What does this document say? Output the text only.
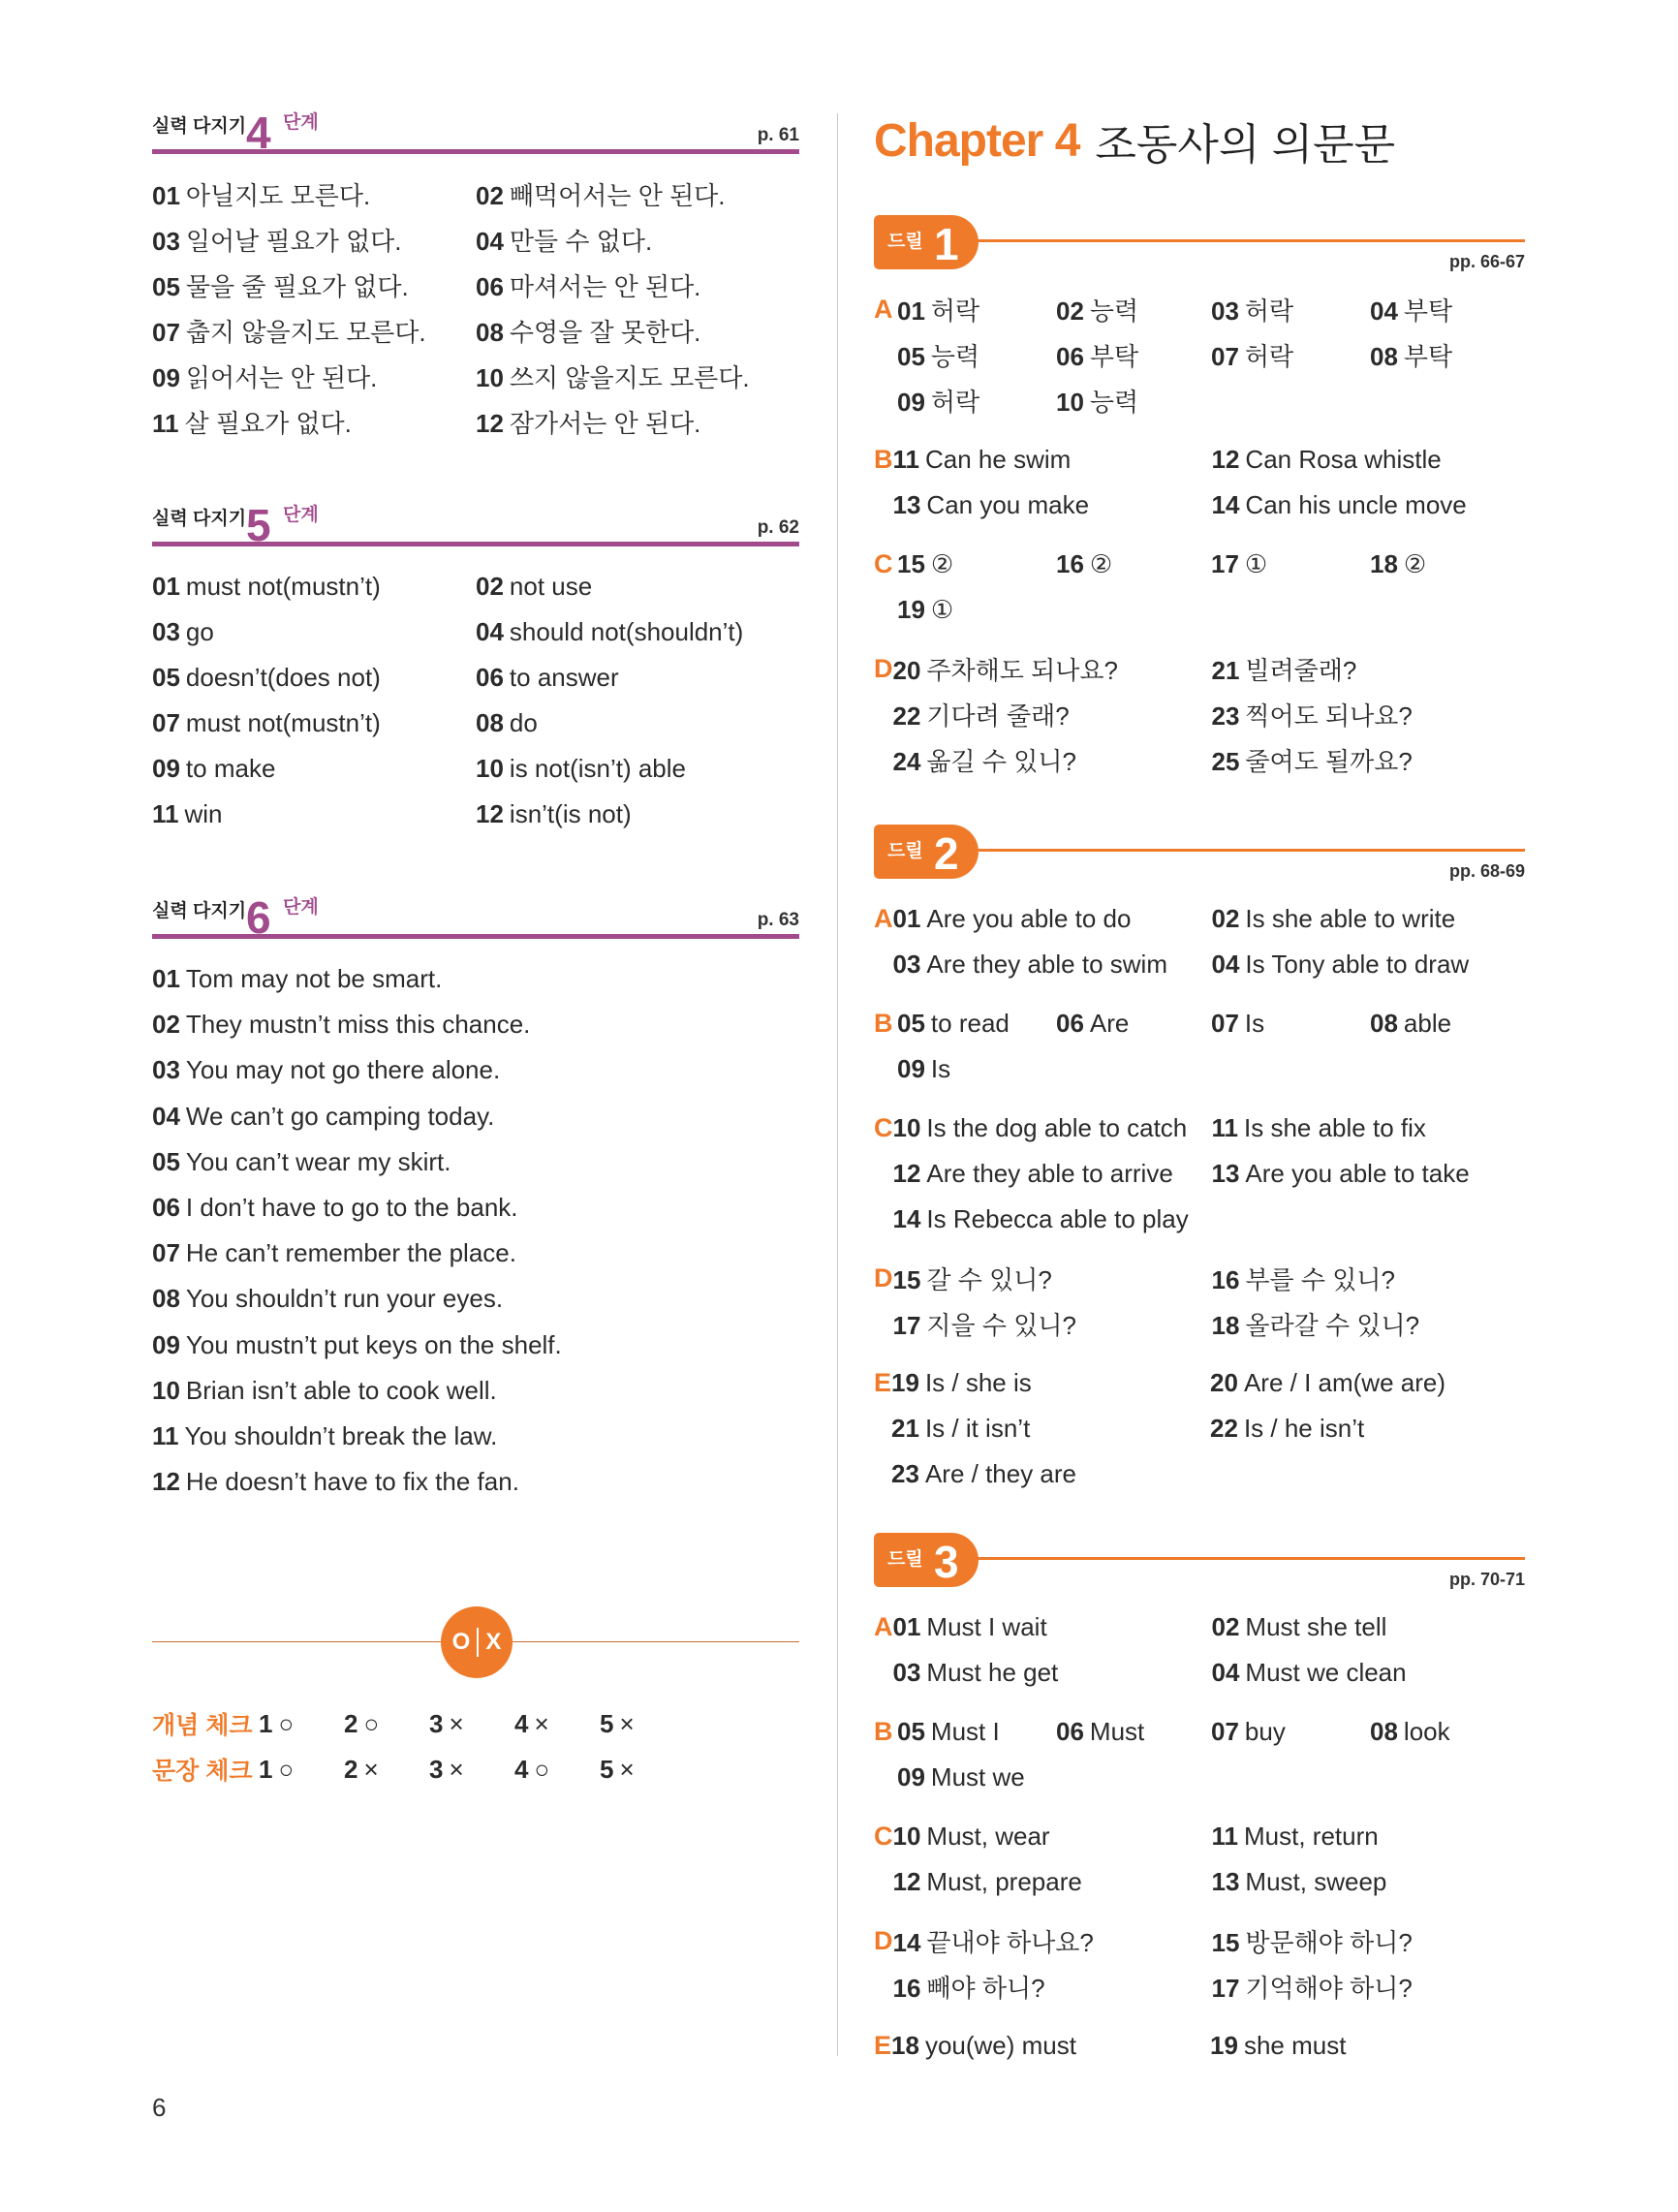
실력 다지기 4 단계
p. 61
01 아닐지도 모른다.	02 빼먹어서는 안 된다.
03 일어날 필요가 없다.	04 만들 수 없다.
05 물을 줄 필요가 없다.	06 마셔서는 안 된다.
07 춥지 않을지도 모른다.	08 수영을 잘 못한다.
09 읽어서는 안 된다.	10 쓰지 않을지도 모른다.
11 살 필요가 없다.	12 잠가서는 안 된다.
실력 다지기 5 단계
p. 62
01 must not(mustn’t)	02 not use
03 go	04 should not(shouldn’t)
05 doesn’t(does not)	06 to answer
07 must not(mustn’t)	08 do
09 to make	10 is not(isn’t) able
11 win	12 isn’t(is not)
실력 다지기 6 단계
p. 63
01 Tom may not be smart.
02 They mustn’t miss this chance.
03 You may not go there alone.
04 We can’t go camping today.
05 You can’t wear my skirt.
06 I don’t have to go to the bank.
07 He can’t remember the place.
08 You shouldn’t run your eyes.
09 You mustn’t put keys on the shelf.
10 Brian isn’t able to cook well.
11 You shouldn’t break the law.
12 He doesn’t have to fix the fan.
O X
개념 체크 1 ○	2 ○	3 ×	4 ×	5 ×
문장 체크 1 ○	2 ×	3 ×	4 ○	5 ×
Chapter 4 조동사의 의문문
드릴 1	pp. 66-67
A 01 허락	02 능력	03 허락	04 부탁
05 능력	06 부탁	07 허락	08 부탁
09 허락	10 능력
B 11 Can he swim	12 Can Rosa whistle
13 Can you make	14 Can his uncle move
C 15 ②	16 ②	17 ①	18 ②
19 ①
D 20 주차해도 되나요?	21 빌려줄래?
22 기다려 줄래?	23 찍어도 되나요?
24 옮길 수 있니?	25 줄여도 될까요?
드릴 2	pp. 68-69
A 01 Are you able to do	02 Is she able to write
03 Are they able to swim	04 Is Tony able to draw
B 05 to read	06 Are	07 Is	08 able
09 Is
C 10 Is the dog able to catch 11 Is she able to fix
12 Are they able to arrive	13 Are you able to take
14 Is Rebecca able to play
D 15 갈 수 있니?	16 부를 수 있니?
17 지을 수 있니?	18 올라갈 수 있니?
E 19 Is / she is	20 Are / I am(we are)
21 Is / it isn’t	22 Is / he isn’t
23 Are / they are
드릴 3	pp. 70-71
A 01 Must I wait	02 Must she tell
03 Must he get	04 Must we clean
B 05 Must I	06 Must	07 buy	08 look
09 Must we
C 10 Must, wear	11 Must, return
12 Must, prepare	13 Must, sweep
D 14 끝내야 하나요?	15 방문해야 하니?
16 빼야 하니?	17 기억해야 하니?
E 18 you(we) must	19 she must
6
